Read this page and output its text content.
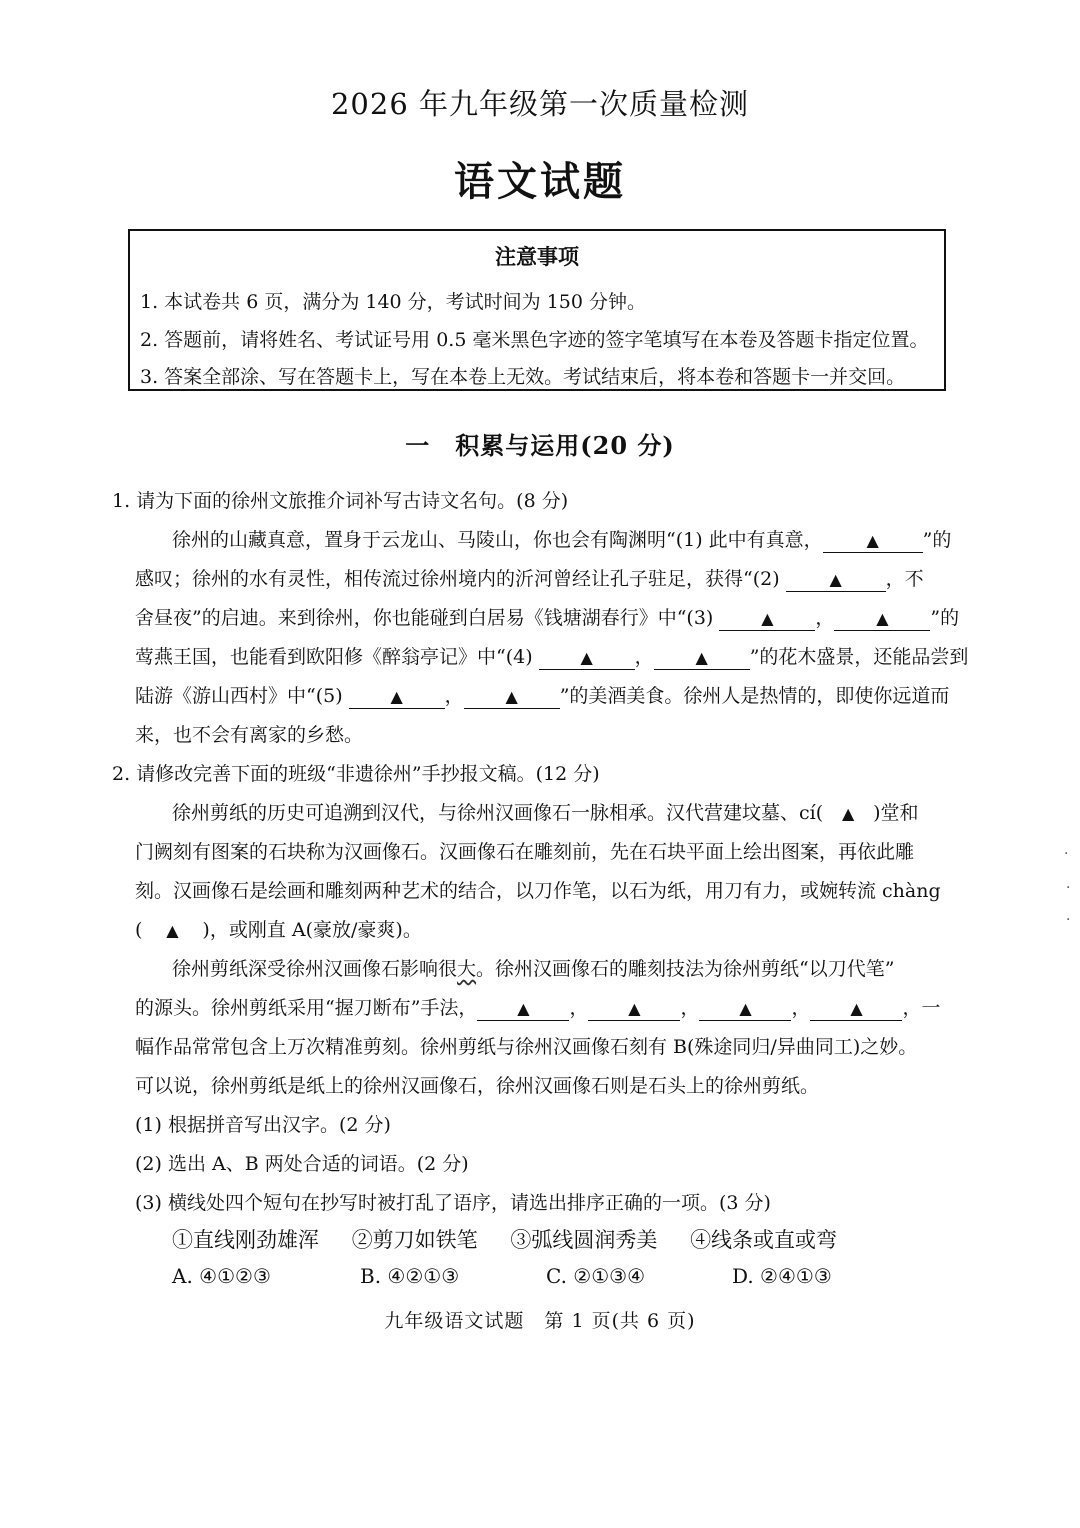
2026 年九年级第一次质量检测
语文试题
注意事项
1. 本试卷共 6 页，满分为 140 分，考试时间为 150 分钟。
2. 答题前，请将姓名、考试证号用 0.5 毫米黑色字迹的签字笔填写在本卷及答题卡指定位置。
3. 答案全部涂、写在答题卡上，写在本卷上无效。考试结束后，将本卷和答题卡一并交回。
一　积累与运用(20 分)
1. 请为下面的徐州文旅推介词补写古诗文名句。(8 分)
徐州的山藏真意，置身于云龙山、马陵山，你也会有陶渊明“(1) 此中有真意，	▲ ”的
感叹；徐州的水有灵性，相传流过徐州境内的沂河曾经让孔子驻足，获得“(2)	▲ ，不
舍昼夜”的启迪。来到徐州，你也能碰到白居易《钱塘湖春行》中“(3)	▲ ，	▲ ”的
莺燕王国，也能看到欧阳修《醉翁亭记》中“(4)	▲ ，	▲ ”的花木盛景，还能品尝到
陆游《游山西村》中“(5)	▲ ，	▲ ”的美酒美食。徐州人是热情的，即使你远道而
来，也不会有离家的乡愁。
2. 请修改完善下面的班级“非遗徐州”手抄报文稿。(12 分)
徐州剪纸的历史可追溯到汉代，与徐州汉画像石一脉相承。汉代营建坟墓、cí( ▲ )堂和
门阙刻有图案的石块称为汉画像石。汉画像石在雕刻前，先在石块平面上绘出图案，再依此雕
刻。汉画像石是绘画和雕刻两种艺术的结合，以刀作笔，以石为纸，用刀有力，或婉转流 chàng
( ▲ )，或刚直 A(豪放/豪爽)。
徐州剪纸深受徐州汉画像石影响很大。徐州汉画像石的雕刻技法为徐州剪纸“以刀代笔”
的源头。徐州剪纸采用“握刀断布”手法， ▲ ， ▲ ， ▲ ， ▲ ，一
幅作品常常包含上万次精准剪刻。徐州剪纸与徐州汉画像石刻有 B(殊途同归/异曲同工)之妙。
可以说，徐州剪纸是纸上的徐州汉画像石，徐州汉画像石则是石头上的徐州剪纸。
(1) 根据拼音写出汉字。(2 分)
(2) 选出 A、B 两处合适的词语。(2 分)
(3) 横线处四个短句在抄写时被打乱了语序，请选出排序正确的一项。(3 分)
①直线刚劲雄浑 ②剪刀如铁笔 ③弧线圆润秀美 ④线条或直或弯
A. ④①②③	B. ④②①③	C. ②①③④	D. ②④①③
九年级语文试题　第 1 页(共 6 页)
·
·
·
